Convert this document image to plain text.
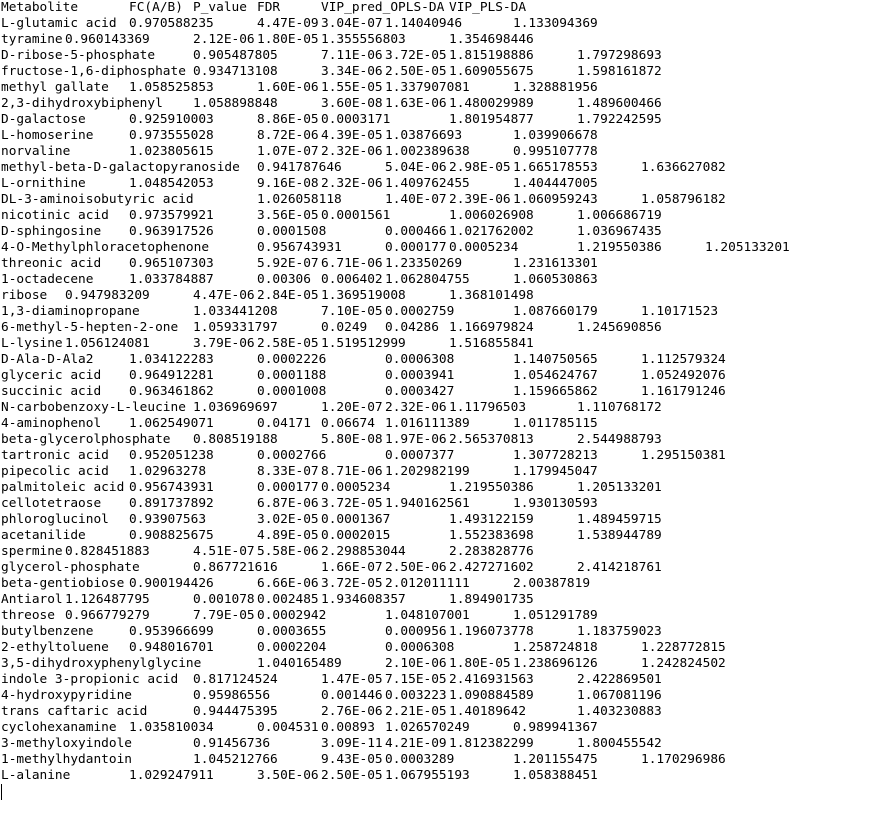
Metabolite	FC(A/B) P_value FDR	VIP_pred_OPLS-DA VIP_PLS-DA
L-glutamic acid 0.970588235	4.47E-09 3.04E-07 1.14040946	1.133094369
tyramine 0.960143369	2.12E-06 1.80E-05 1.355556803	1.354698446
D-ribose-5-phosphate	0.905487805	7.11E-06 3.72E-05 1.815198886	1.797298693
fructose-1,6-diphosphate 0.934713108	3.34E-06 2.50E-05 1.609055675	1.598161872
methyl gallate 1.058525853	1.60E-06 1.55E-05 1.337907081	1.328881956
2,3-dihydroxybiphenyl 1.058898848	3.60E-08 1.63E-06 1.480029989	1.489600466
D-galactose	0.925910003	8.86E-05 0.0003171	1.801954877	1.792242595
L-homoserine	0.973555028	8.72E-06 4.39E-05 1.03876693	1.039906678
norvaline	1.023805615	1.07E-07 2.32E-06 1.002389638	0.995107778
methyl-beta-D-galactopyranoside 0.941787646	5.04E-06 2.98E-05 1.665178553	1.636627082
L-ornithine	1.048542053	9.16E-08 2.32E-06 1.409762455	1.404447005
DL-3-aminoisobutyric acid	1.026058118	1.40E-07 2.39E-06 1.060959243	1.058796182
nicotinic acid 0.973579921	3.56E-05 0.0001561	1.006026908	1.006686719
D-sphingosine 0.963917526	0.0001508	0.000466 1.021762002	1.036967435
4-O-Methylphloracetophenone	0.956743931	0.000177 0.0005234	1.219550386	1.205133201
threonic acid 0.965107303	5.92E-07 6.71E-06 1.23350269	1.231613301
1-octadecene	1.033784887	0.00306 0.006402 1.062804755	1.060530863
ribose 0.947983209	4.47E-06 2.84E-05 1.369519008	1.368101498
1,3-diaminopropane	1.033441208	7.10E-05 0.0002759	1.087660179	1.10171523
6-methyl-5-hepten-2-one 1.059331797	0.0249 0.04286 1.166979824	1.245690856
L-lysine 1.056124081	3.79E-06 2.58E-05 1.519512999	1.516855841
D-Ala-D-Ala2	1.034122283	0.0002226	0.0006308	1.140750565	1.112579324
glyceric acid 0.964912281	0.0001188	0.0003941	1.054624767	1.052492076
succinic acid 0.963461862	0.0001008	0.0003427	1.159665862	1.161791246
N-carbobenzoxy-L-leucine 1.036969697	1.20E-07 2.32E-06 1.11796503	1.110768172
4-aminophenol 1.062549071	0.04171 0.06674 1.016111389	1.011785115
beta-glycerolphosphate 0.808519188	5.80E-08 1.97E-06 2.565370813	2.544988793
tartronic acid 0.952051238	0.0002766	0.0007377	1.307728213	1.295150381
pipecolic acid 1.02963278	8.33E-07 8.71E-06 1.202982199	1.179945047
palmitoleic acid 0.956743931	0.000177 0.0005234	1.219550386	1.205133201
cellotetraose 0.891737892	6.87E-06 3.72E-05 1.940162561	1.930130593
phloroglucinol 0.93907563	3.02E-05 0.0001367	1.493122159	1.489459715
acetanilide	0.908825675	4.89E-05 0.0002015	1.552383698	1.538944789
spermine 0.828451883	4.51E-07 5.58E-06 2.298853044	2.283828776
glycerol-phosphate	0.867721616	1.66E-07 2.50E-06 2.427271602	2.414218761
beta-gentiobiose 0.900194426	6.66E-06 3.72E-05 2.012011111	2.00387819
Antiarol 1.126487795	0.001078 0.002485 1.934608357	1.894901735
threose 0.966779279	7.79E-05 0.0002942	1.048107001	1.051291789
butylbenzene	0.953966699	0.0003655	0.000956 1.196073778	1.183759023
2-ethyltoluene 0.948016701	0.0002204	0.0006308	1.258724818	1.228772815
3,5-dihydroxyphenylglycine	1.040165489	2.10E-06 1.80E-05 1.238696126	1.242824502
indole 3-propionic acid 0.817124524	1.47E-05 7.15E-05 2.416931563	2.422869501
4-hydroxypyridine	0.95986556	0.001446 0.003223 1.090884589	1.067081196
trans caftaric acid	0.944475395	2.76E-06 2.21E-05 1.40189642	1.403230883
cyclohexanamine 1.035810034	0.004531 0.00893 1.026570249	0.989941367
3-methyloxyindole	0.91456736	3.09E-11 4.21E-09 1.812382299	1.800455542
1-methylhydantoin	1.045212766	9.43E-05 0.0003289	1.201155475	1.170296986
L-alanine	1.029247911	3.50E-06 2.50E-05 1.067955193	1.058388451
